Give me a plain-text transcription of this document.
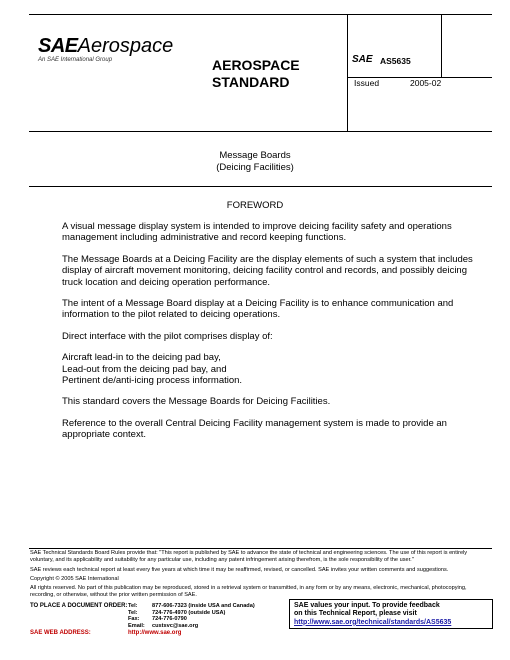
SAEAerospace
An SAE International Group	AEROSPACE
STANDARD
SAE AS5635
Issued	2005-02
Message Boards
(Deicing Facilities)
FOREWORD

A visual message display system is intended to improve deicing facility safety and operations management including administrative and record keeping functions.

The Message Boards at a Deicing Facility are the display elements of such a system that includes display of aircraft movement monitoring, deicing facility control and records, and possibly deicing truck location and deicing operation performance.

The intent of a Message Board display at a Deicing Facility is to enhance communication and information to the pilot related to deicing operations.

Direct interface with the pilot comprises display of:

Aircraft lead-in to the deicing pad bay,
Lead-out from the deicing pad bay, and
Pertinent de/anti-icing process information.

This standard covers the Message Boards for Deicing Facilities.

Reference to the overall Central Deicing Facility management system is made to provide an appropriate context.

SAE Technical Standards Board Rules provide that: "This report is published by SAE to advance the state of technical and engineering sciences. The use of this report is entirely voluntary, and its applicability and suitability for any particular use, including any patent infringement arising therefrom, is the sole responsibility of the user."
SAE reviews each technical report at least every five years at which time it may be reaffirmed, revised, or cancelled. SAE invites your written comments and suggestions.
Copyright © 2005 SAE International
All rights reserved. No part of this publication may be reproduced, stored in a retrieval system or transmitted, in any form or by any means, electronic, mechanical, photocopying, recording, or otherwise, without the prior written permission of SAE.
TO PLACE A DOCUMENT ORDER: Tel:	877-606-7323 (inside USA and Canada)
Tel:	724-776-4970 (outside USA)
Fax: 724-776-0790
Email: custsvc@sae.org
SAE values your input. To provide feedback
on this Technical Report, please visit
http://www.sae.org/technical/standards/AS5635
SAE WEB ADDRESS:	http://www.sae.org
